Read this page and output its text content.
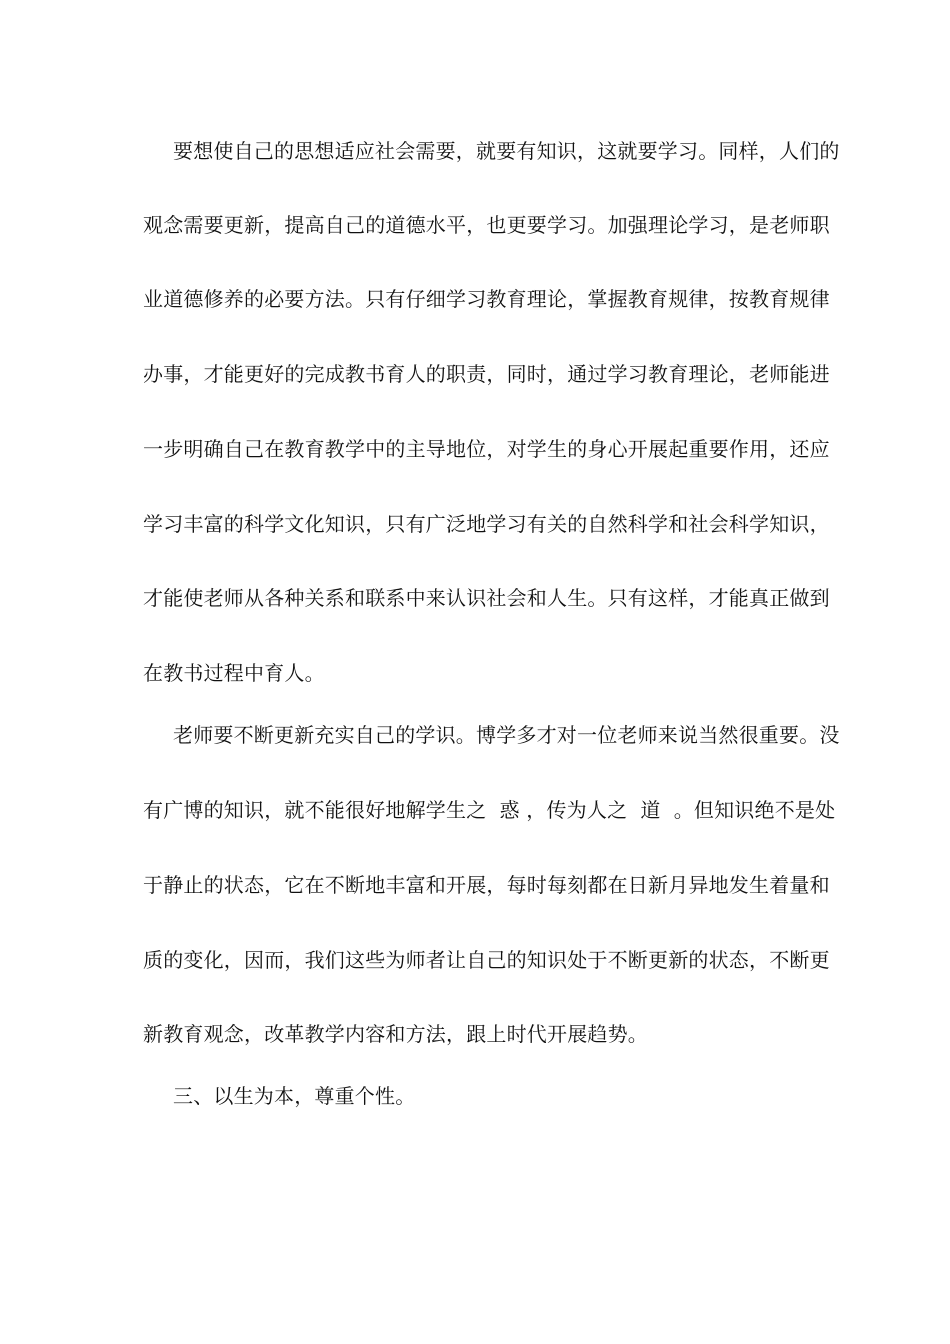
要想使自己的思想适应社会需要，就要有知识，这就要学习。同样，人们的
观念需要更新，提高自己的道德水平，也更要学习。加强理论学习，是老师职
业道德修养的必要方法。只有仔细学习教育理论，掌握教育规律，按教育规律
办事，才能更好的完成教书育人的职责，同时，通过学习教育理论，老师能进
一步明确自己在教育教学中的主导地位，对学生的身心开展起重要作用，还应
学习丰富的科学文化知识，只有广泛地学习有关的自然科学和社会科学知识，
才能使老师从各种关系和联系中来认识社会和人生。只有这样，才能真正做到
在教书过程中育人。
老师要不断更新充实自己的学识。博学多才对一位老师来说当然很重要。没
有广博的知识，就不能很好地解学生之  惑 ，传为人之  道  。但知识绝不是处
于静止的状态，它在不断地丰富和开展，每时每刻都在日新月异地发生着量和
质的变化，因而，我们这些为师者让自己的知识处于不断更新的状态，不断更
新教育观念，改革教学内容和方法，跟上时代开展趋势。
三、以生为本，尊重个性。
